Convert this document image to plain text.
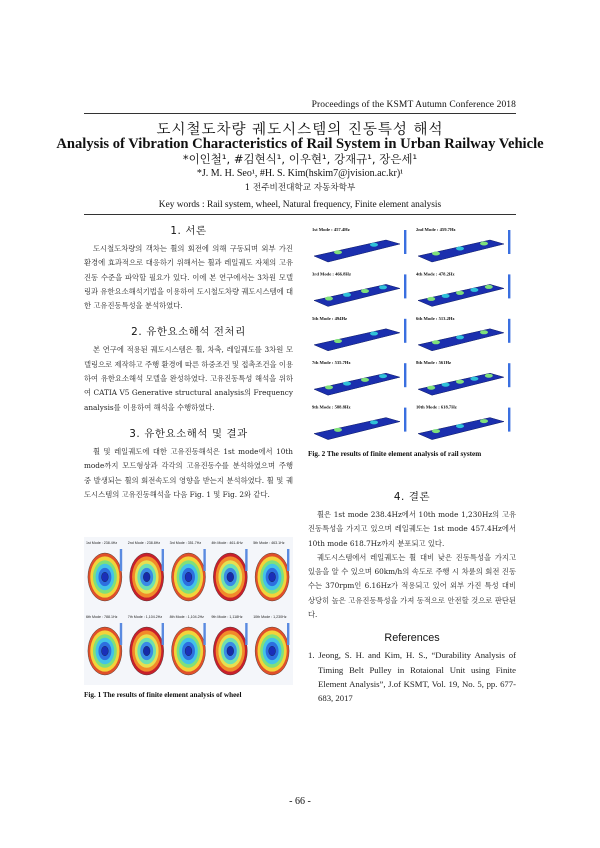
Proceedings of the KSMT Autumn Conference 2018
도시철도차량 궤도시스템의 진동특성 해석
Analysis of Vibration Characteristics of Rail System in Urban Railway Vehicle
*이인철¹, #김현식¹, 이우현¹, 강재규¹, 장은세¹
*J. M. H. Seo¹, #H. S. Kim(hskim7@jvision.ac.kr)¹
1 전주비전대학교 자동차학부
Key words : Rail system, wheel, Natural frequency, Finite element analysis
1. 서론

도시철도차량의 객차는 휠의 회전에 의해 구동되며 외부 가진 환경에 효과적으로 대응하기 위해서는 휠과 레일궤도 자체의 고유진동 수준을 파악할 필요가 있다. 이에 본 연구에서는 3차원 모델링과 유한요소해석기법을 이용하여 도시철도차량 궤도시스템에 대한 고유진동특성을 분석하였다.

2. 유한요소해석 전처리

본 연구에 적용된 궤도시스템은 휠, 차축, 레일궤도를 3차원 모델링으로 제작하고 주행 환경에 따른 하중조건 및 접촉조건을 이용하여 유한요소해석 모델을 완성하였다. 고유진동특성 해석을 위하여 CATIA V5 Generative structural analysis의 Frequency analysis를 이용하여 해석을 수행하였다.

3. 유한요소해석 및 결과

휠 및 레일궤도에 대한 고유진동해석은 1st mode에서 10th mode까지 모드형상과 각각의 고유진동수를 분석하였으며 주행 중 발생되는 휠의 회전속도의 영향을 받는지 분석하였다. 휠 및 궤도시스템의 고유진동해석을 다음 Fig. 1 및 Fig. 2와 같다.

1st Mode : 238.4Hz	2nd Mode : 238.8Hz	3rd Mode : 351.7Hz	4th Mode : 461.4Hz	5th Mode : 463.1Hz
6th Mode : 788.1Hz	7th Mode : 1,104.2Hz 8th Mode : 1,104.2Hz 9th Mode : 1,118Hz	10th Mode : 1,230Hz
Fig. 1 The results of finite element analysis of wheel
1st Mode : 457.4Hz	2nd Mode : 459.7Hz
3rd Mode : 466.8Hz	4th Mode : 478.2Hz
5th Mode : 494Hz	6th Mode : 513.2Hz
7th Mode : 535.7Hz	8th Mode : 561Hz
9th Mode : 588.8Hz	10th Mode : 618.7Hz
Fig. 2 The results of finite element analysis of rail system
4. 결론

휠은 1st mode 238.4Hz에서 10th mode 1,230Hz의 고유진동특성을 가지고 있으며 레일궤도는 1st mode 457.4Hz에서 10th mode 618.7Hz까지 분포되고 있다.

궤도시스템에서 레일궤도는 휠 대비 낮은 진동특성을 가지고 있음을 알 수 있으며 60km/h의 속도로 주행 시 차륜의 회전 진동수는 370rpm인 6.16Hz가 적용되고 있어 외부 가진 특성 대비 상당히 높은 고유진동특성을 가져 동적으로 안전할 것으로 판단된다.

References

1. Jeong, S. H. and Kim, H. S., “Durability Analysis of Timing Belt Pulley in Rotaional Unit using Finite Element Analysis”, J.of KSMT, Vol. 19, No. 5, pp. 677-683, 2017

- 66 -
